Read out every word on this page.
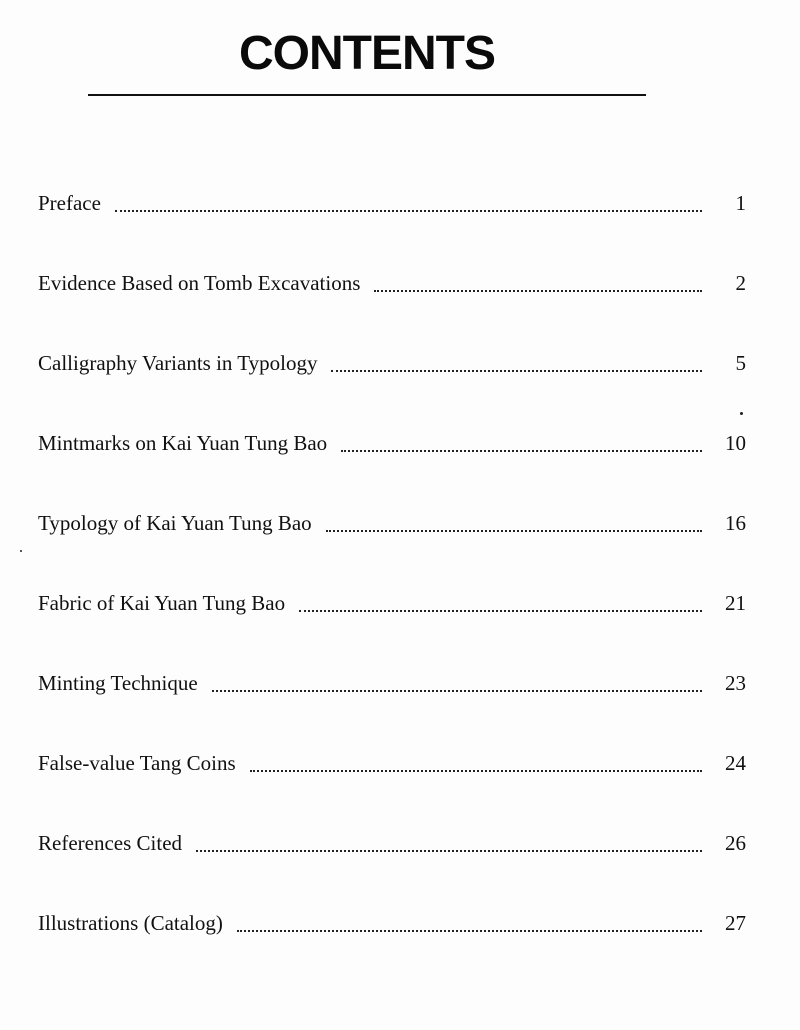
CONTENTS
Preface	1
Evidence Based on Tomb Excavations	2
Calligraphy Variants in Typology	5
Mintmarks on Kai Yuan Tung Bao	10
Typology of Kai Yuan Tung Bao	16
Fabric of Kai Yuan Tung Bao	21
Minting Technique	23
False-value Tang Coins	24
References Cited	26
Illustrations (Catalog)	27
